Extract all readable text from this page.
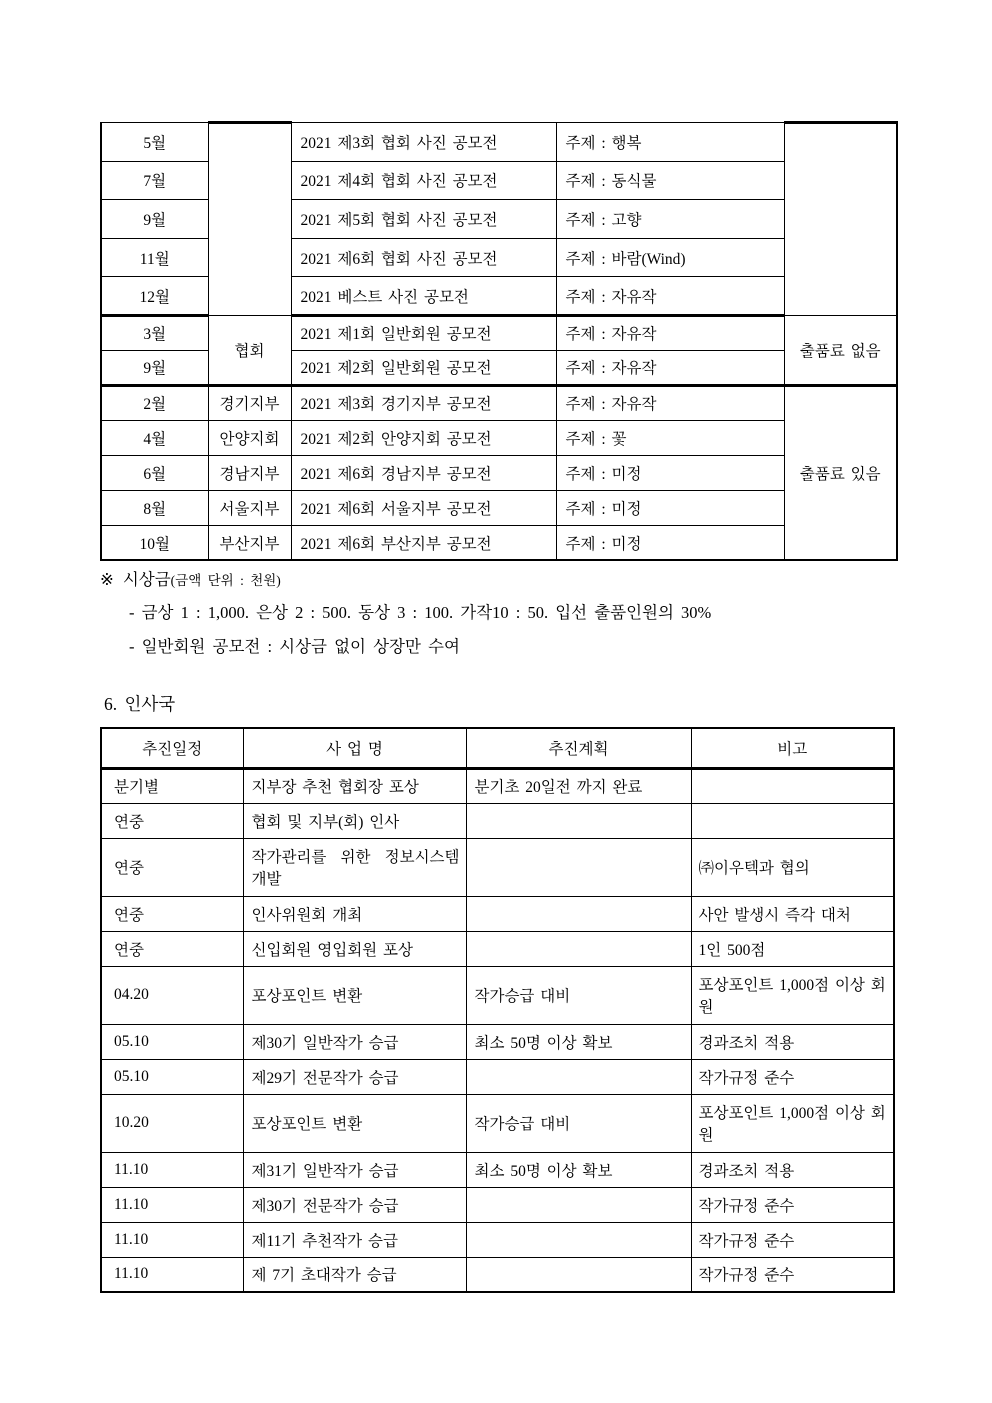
5월		2021 제3회 협회 사진 공모전	주제 : 행복	
7월		2021 제4회 협회 사진 공모전	주제 : 동식물	
9월		2021 제5회 협회 사진 공모전	주제 : 고향	
11월		2021 제6회 협회 사진 공모전	주제 : 바람(Wind)	
12월		2021 베스트 사진 공모전	주제 : 자유작	
3월	협회	2021 제1회 일반회원 공모전	주제 : 자유작	출품료 없음
9월		2021 제2회 일반회원 공모전	주제 : 자유작	
2월	경기지부	2021 제3회 경기지부 공모전	주제 : 자유작	출품료 있음
4월	안양지회	2021 제2회 안양지회 공모전	주제 : 꽃	
6월	경남지부	2021 제6회 경남지부 공모전	주제 : 미정	
8월	서울지부	2021 제6회 서울지부 공모전	주제 : 미정	
10월	부산지부	2021 제6회 부산지부 공모전	주제 : 미정	
※ 시상금(금액 단위 : 천원)
- 금상 1 : 1,000. 은상 2 : 500. 동상 3 : 100. 가작10 : 50. 입선 출품인원의 30%
- 일반회원 공모전 : 시상금 없이 상장만 수여
6. 인사국
추진일정	사 업 명	추진계획	비고
분기별	지부장 추천 협회장 포상	분기초 20일전 까지 완료	
연중	협회 및 지부(회) 인사		
연중	작가관리를 위한 정보시스템 개발		㈜이우텍과 협의
연중	인사위원회 개최		사안 발생시 즉각 대처
연중	신입회원 영입회원 포상		1인 500점
04.20	포상포인트 변환	작가승급 대비	포상포인트 1,000점 이상 회원
05.10	제30기 일반작가 승급	최소 50명 이상 확보	경과조치 적용
05.10	제29기 전문작가 승급		작가규정 준수
10.20	포상포인트 변환	작가승급 대비	포상포인트 1,000점 이상 회원
11.10	제31기 일반작가 승급	최소 50명 이상 확보	경과조치 적용
11.10	제30기 전문작가 승급		작가규정 준수
11.10	제11기 추천작가 승급		작가규정 준수
11.10	제 7기 초대작가 승급		작가규정 준수
